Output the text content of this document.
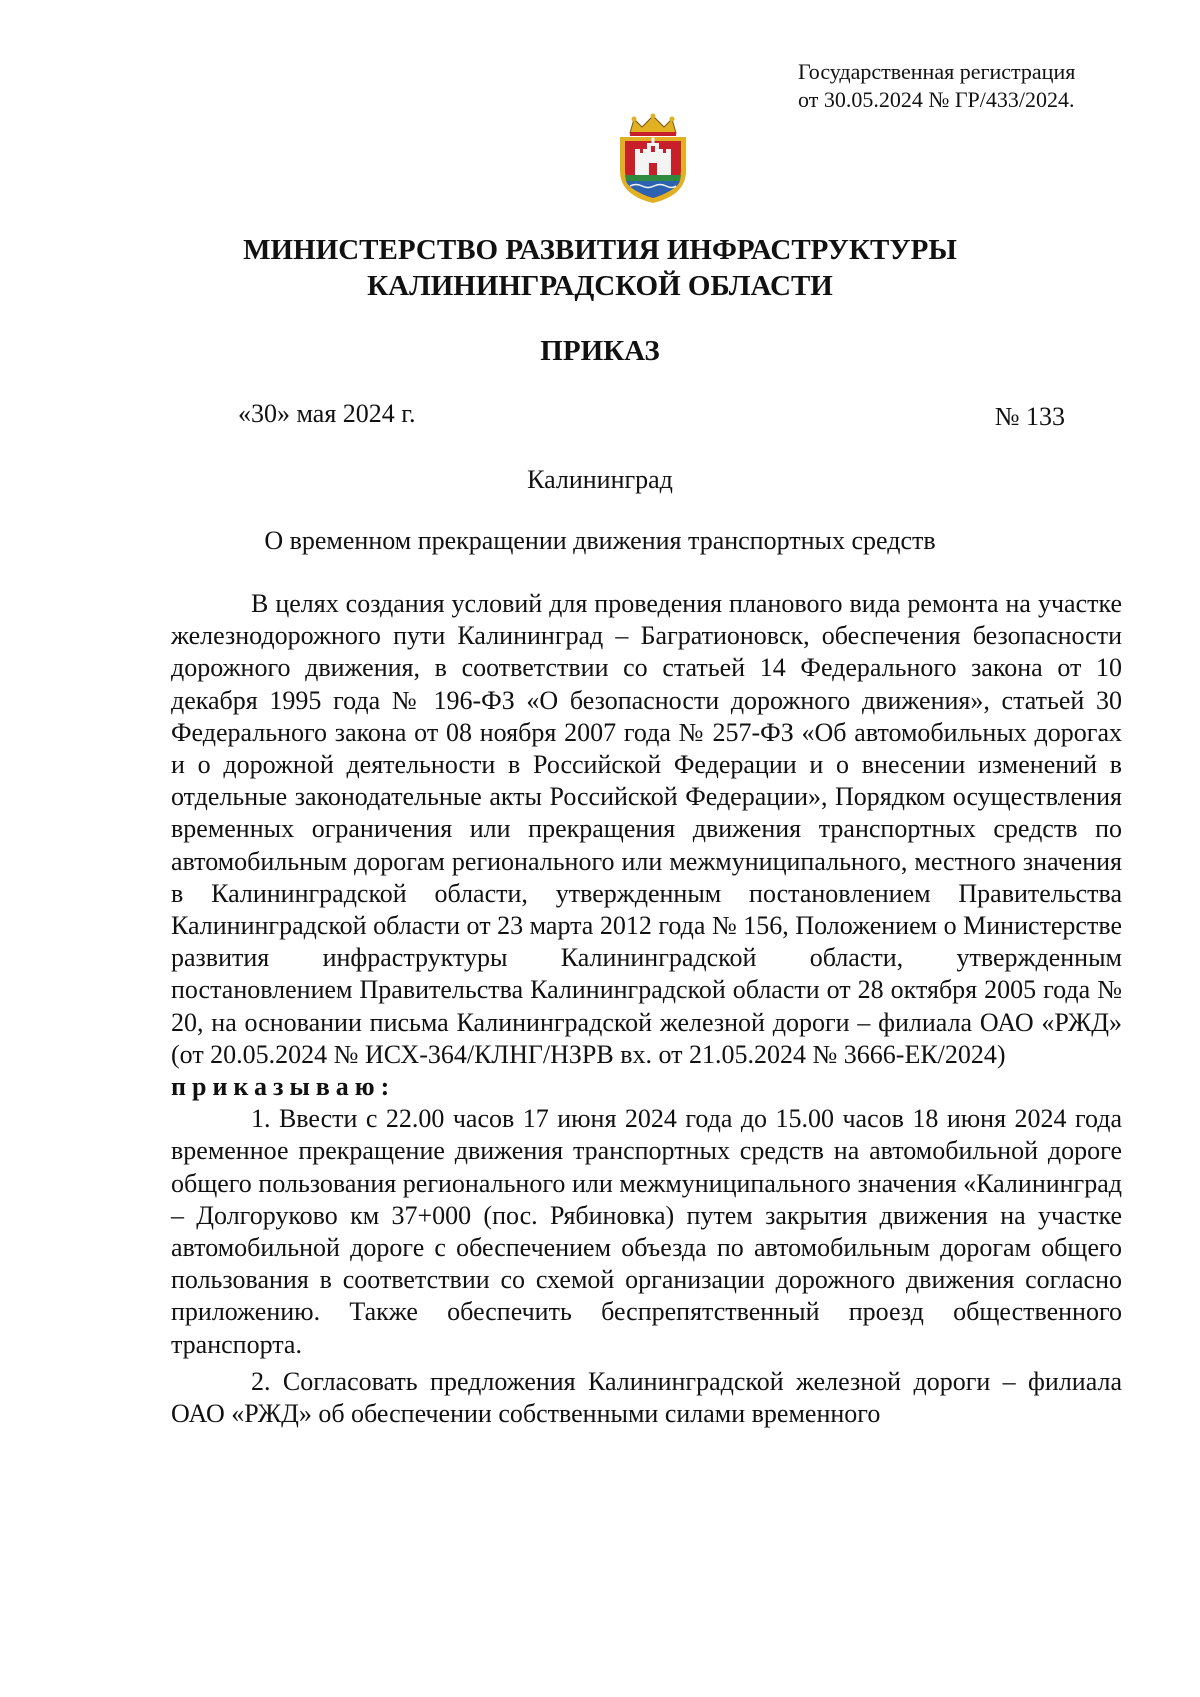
Государственная регистрация
от 30.05.2024 № ГР/433/2024.
МИНИСТЕРСТВО РАЗВИТИЯ ИНФРАСТРУКТУРЫ
КАЛИНИНГРАДСКОЙ ОБЛАСТИ
ПРИКАЗ
«30» мая 2024 г.	№ 133
Калининград
О временном прекращении движения транспортных средств

В целях создания условий для проведения планового вида ремонта на участке железнодорожного пути Калининград – Багратионовск, обеспечения безопасности дорожного движения, в соответствии со статьей 14 Федерального закона от 10 декабря 1995 года № 196-ФЗ «О безопасности дорожного движения», статьей 30 Федерального закона от 08 ноября 2007 года № 257-ФЗ «Об автомобильных дорогах и о дорожной деятельности в Российской Федерации и о внесении изменений в отдельные законодательные акты Российской Федерации», Порядком осуществления временных ограничения или прекращения движения транспортных средств по автомобильным дорогам регионального или межмуниципального, местного значения в Калининградской области, утвержденным постановлением Правительства Калининградской области от 23 марта 2012 года № 156, Положением о Министерстве развития инфраструктуры Калининградской области, утвержденным постановлением Правительства Калининградской области от 28 октября 2005 года № 20, на основании письма Калининградской железной дороги – филиала ОАО «РЖД» (от 20.05.2024 № ИСХ-364/КЛНГ/НЗРВ вх. от 21.05.2024 № 3666-ЕК/2024)

приказываю:

1. Ввести с 22.00 часов 17 июня 2024 года до 15.00 часов 18 июня 2024 года временное прекращение движения транспортных средств на автомобильной дороге общего пользования регионального или межмуниципального значения «Калининград – Долгоруково км 37+000 (пос. Рябиновка) путем закрытия движения на участке автомобильной дороге с обеспечением объезда по автомобильным дорогам общего пользования в соответствии со схемой организации дорожного движения согласно приложению. Также обеспечить беспрепятственный проезд общественного транспорта.

2. Согласовать предложения Калининградской железной дороги – филиала ОАО «РЖД» об обеспечении собственными силами временного
